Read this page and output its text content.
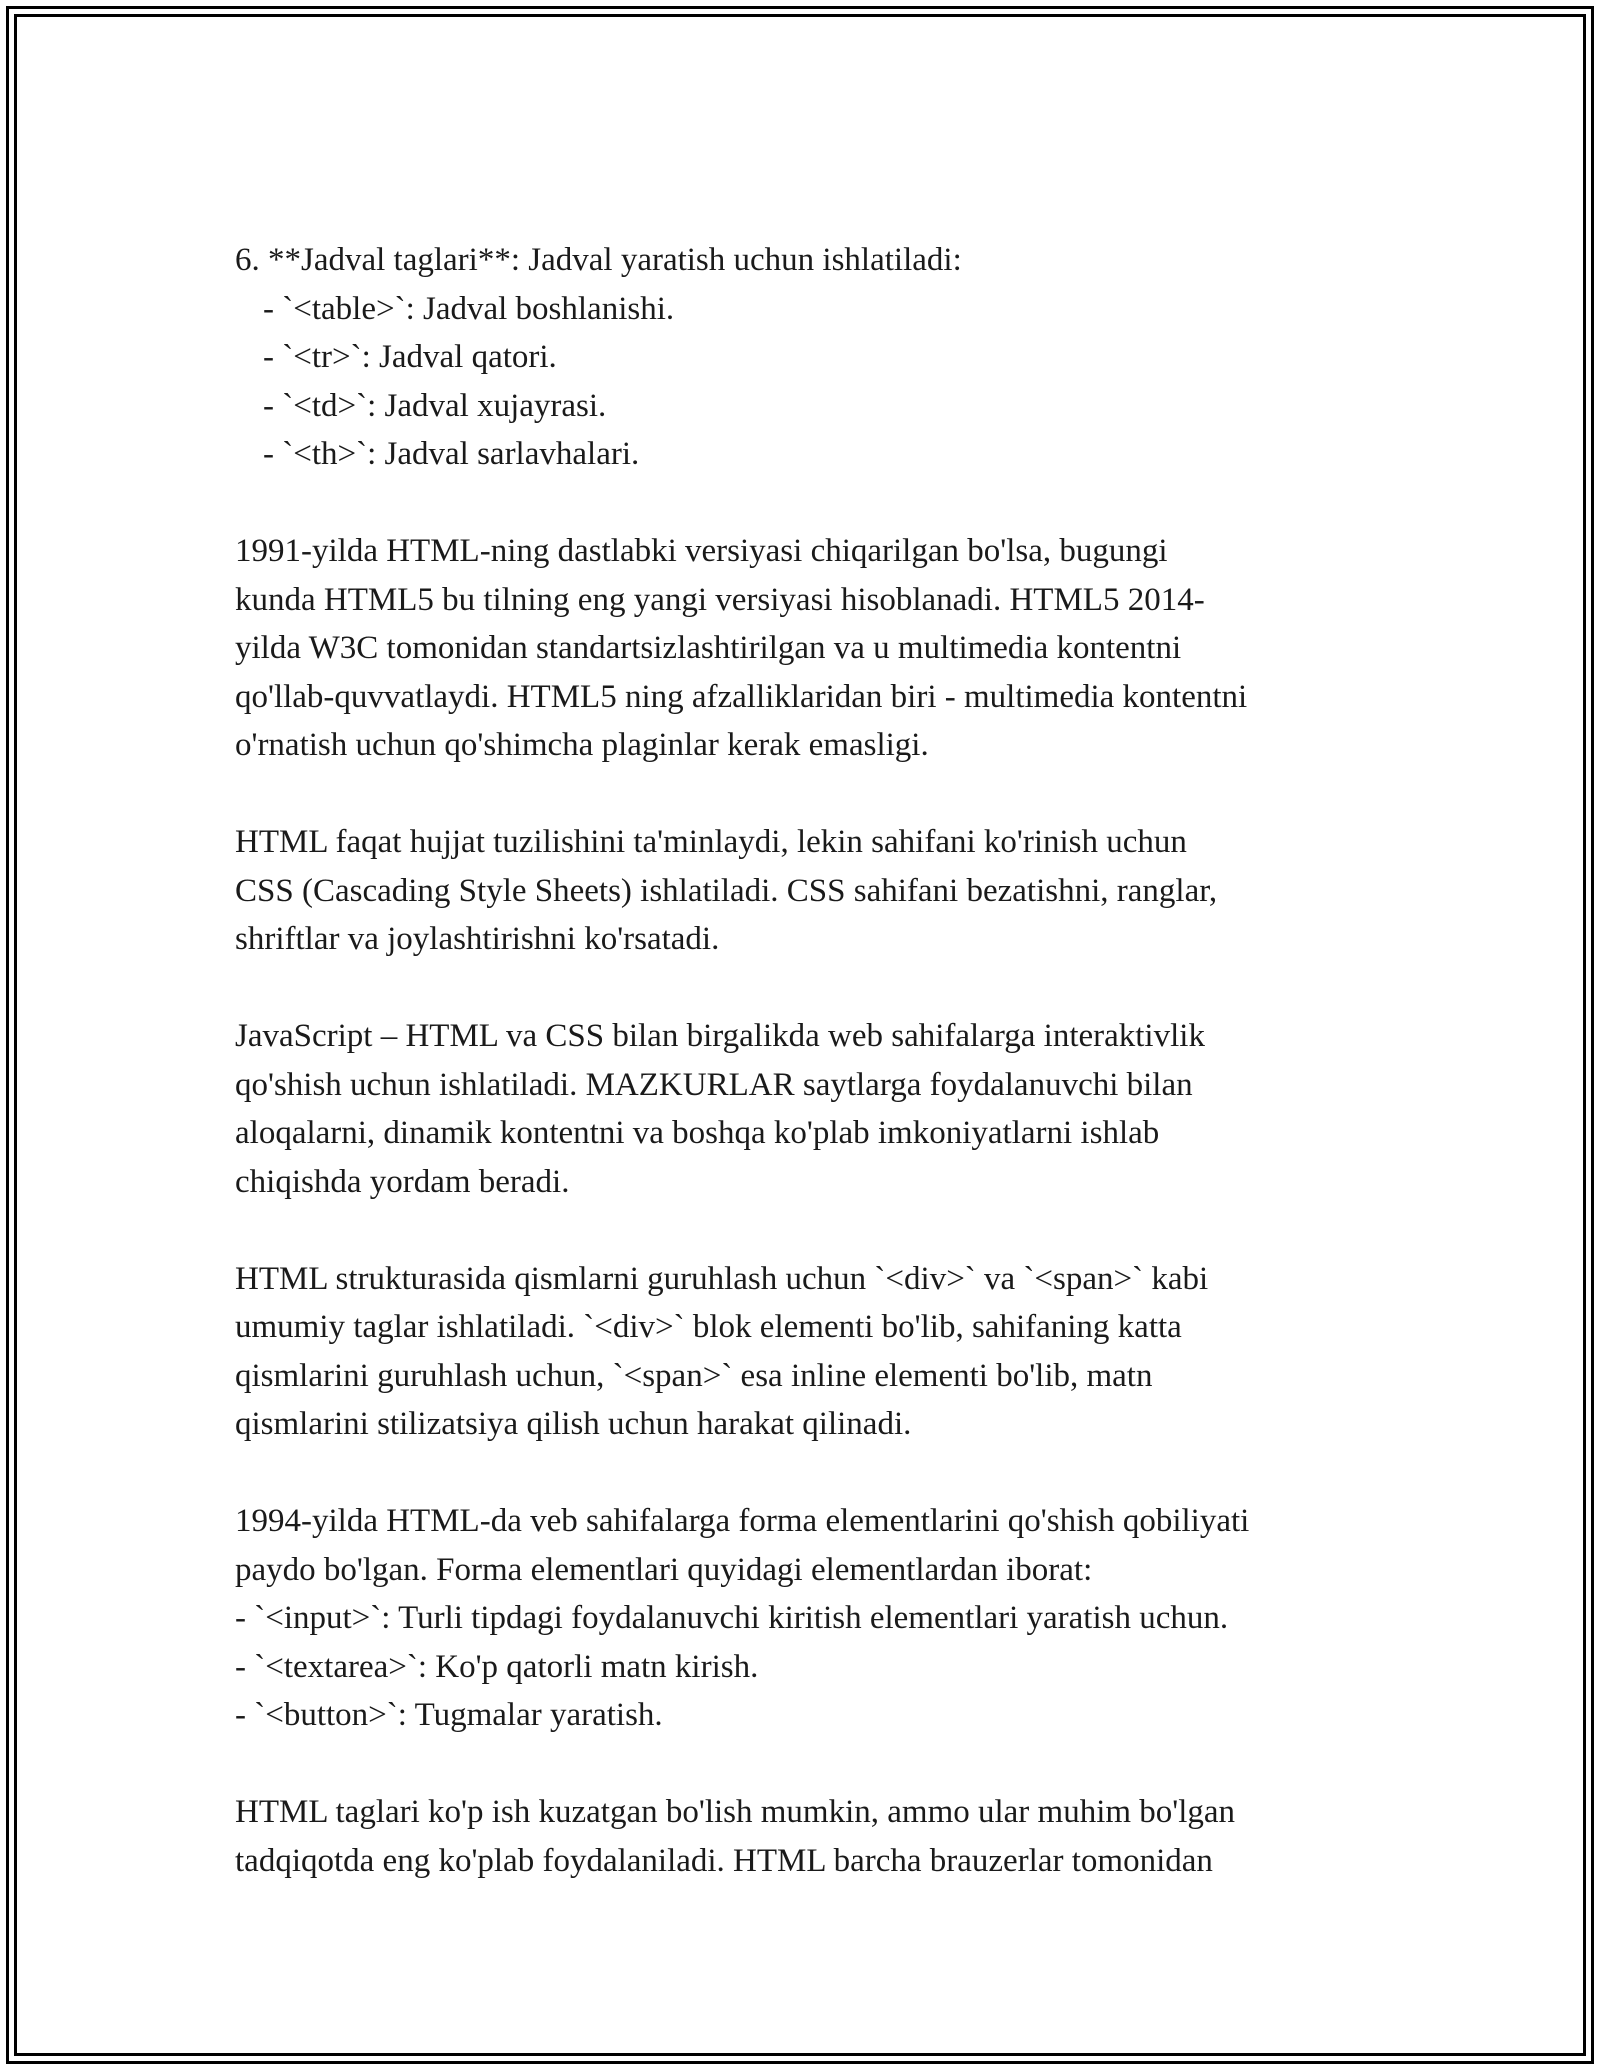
6. **Jadval taglari**: Jadval yaratish uchun ishlatiladi:
- `<table>`: Jadval boshlanishi.
- `<tr>`: Jadval qatori.
- `<td>`: Jadval xujayrasi.
- `<th>`: Jadval sarlavhalari.
1991-yilda HTML-ning dastlabki versiyasi chiqarilgan bo'lsa, bugungi
kunda HTML5 bu tilning eng yangi versiyasi hisoblanadi. HTML5 2014-
yilda W3C tomonidan standartsizlashtirilgan va u multimedia kontentni
qo'llab-quvvatlaydi. HTML5 ning afzalliklaridan biri - multimedia kontentni
o'rnatish uchun qo'shimcha plaginlar kerak emasligi.
HTML faqat hujjat tuzilishini ta'minlaydi, lekin sahifani ko'rinish uchun
CSS (Cascading Style Sheets) ishlatiladi. CSS sahifani bezatishni, ranglar,
shriftlar va joylashtirishni ko'rsatadi.
JavaScript – HTML va CSS bilan birgalikda web sahifalarga interaktivlik
qo'shish uchun ishlatiladi. MAZKURLAR saytlarga foydalanuvchi bilan
aloqalarni, dinamik kontentni va boshqa ko'plab imkoniyatlarni ishlab
chiqishda yordam beradi.
HTML strukturasida qismlarni guruhlash uchun `<div>` va `<span>` kabi
umumiy taglar ishlatiladi. `<div>` blok elementi bo'lib, sahifaning katta
qismlarini guruhlash uchun, `<span>` esa inline elementi bo'lib, matn
qismlarini stilizatsiya qilish uchun harakat qilinadi.
1994-yilda HTML-da veb sahifalarga forma elementlarini qo'shish qobiliyati
paydo bo'lgan. Forma elementlari quyidagi elementlardan iborat:
- `<input>`: Turli tipdagi foydalanuvchi kiritish elementlari yaratish uchun.
- `<textarea>`: Ko'p qatorli matn kirish.
- `<button>`: Tugmalar yaratish.
HTML taglari ko'p ish kuzatgan bo'lish mumkin, ammo ular muhim bo'lgan
tadqiqotda eng ko'plab foydalaniladi. HTML barcha brauzerlar tomonidan
